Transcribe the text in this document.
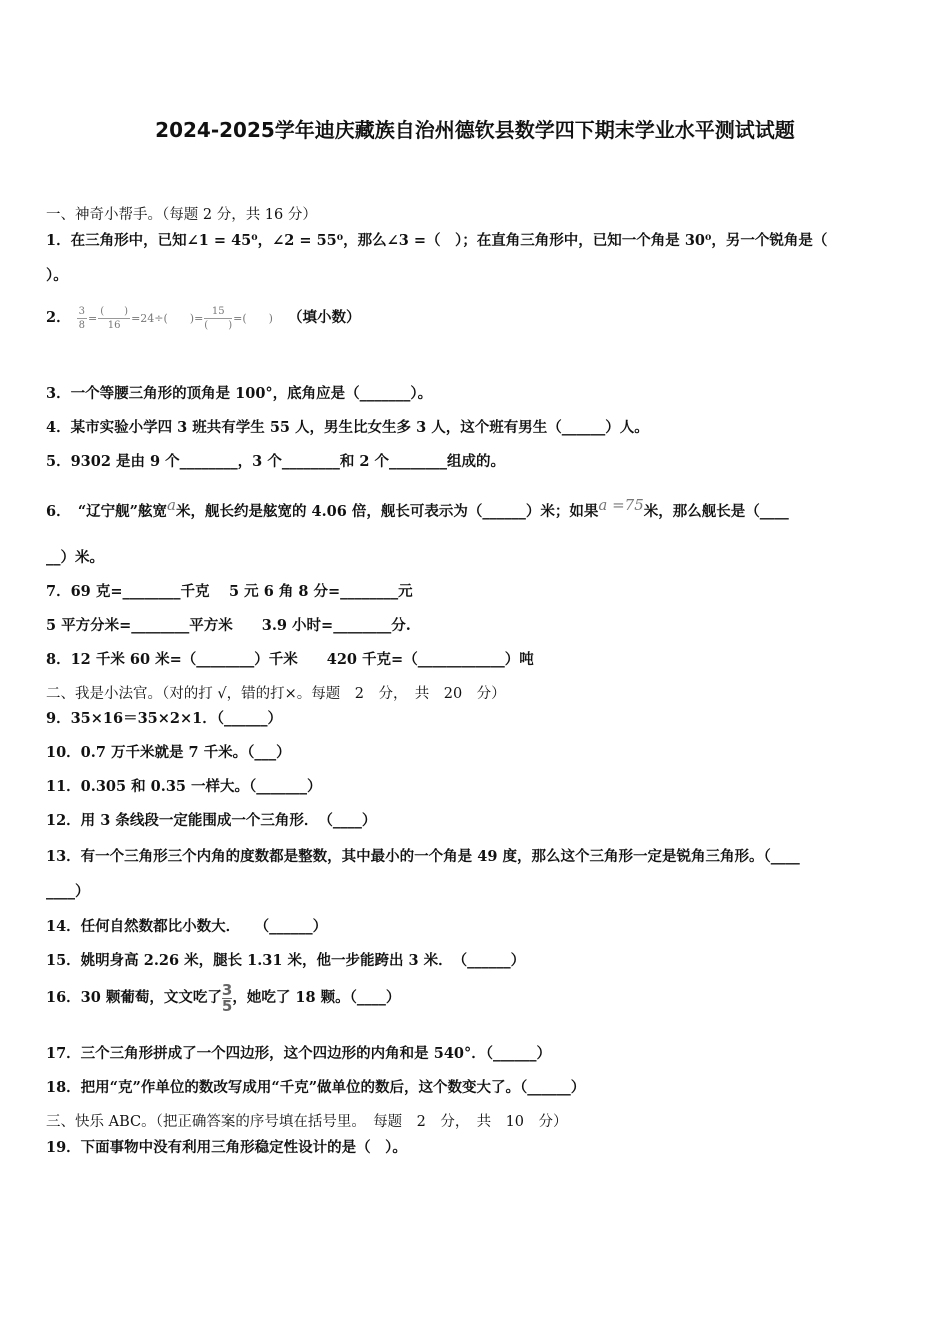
2024-2025学年迪庆藏族自治州德钦县数学四下期末学业水平测试试题
一、神奇小帮手。（每题 2 分，共 16 分）
1．在三角形中，已知∠1 = 45⁰，∠2 = 55⁰，那么∠3 =（　）；在直角三角形中，已知一个角是 30⁰，另一个锐角是（
）。
2． $\frac{3}{8} = \frac{( )}{16} =24\div$(　　)= $\frac{15}{( )}$ =(　　) （填小数）
3．一个等腰三角形的顶角是 100°，底角应是（_______）。
4．某市实验小学四 3 班共有学生 55 人，男生比女生多 3 人，这个班有男生（______）人。
5．9302 是由 9 个________，3 个________和 2 个________组成的。
6．　“辽宁舰”舷宽a米，舰长约是舷宽的 4.06 倍，舰长可表示为（______）米；如果a =75米，那么舰长是（____
__）米。
7．69 克=________千克　 5 元 6 角 8 分=________元
5 平方分米=________平方米　　3.9 小时=________分.
8．12 千米 60 米=（________）千米　　420 千克=（____________）吨
二、我是小法官。（对的打 √，错的打×。每题　2　分，　共　20　分）
9．35×16＝35×2×1．（______）
10．0.7 万千米就是 7 千米。（___）
11．0.305 和 0.35 一样大。（_______）
12．用 3 条线段一定能围成一个三角形．　（____）
13．有一个三角形三个内角的度数都是整数，其中最小的一个角是 49 度，那么这个三角形一定是锐角三角形。（____
____）
14．任何自然数都比小数大．　　（______）
15．姚明身高 2.26 米，腿长 1.31 米，他一步能跨出 3 米．　（______）
16．30 颗葡萄，文文吃了 $\frac{3}{5}$ ，她吃了 18 颗。（____）
17．三个三角形拼成了一个四边形，这个四边形的内角和是 540°．（______）
18．把用“克”作单位的数改写成用“千克”做单位的数后，这个数变大了。（______）
三、快乐 ABC。（把正确答案的序号填在括号里。　每题　2　分，　共　10　分）
19．下面事物中没有利用三角形稳定性设计的是（　）。
